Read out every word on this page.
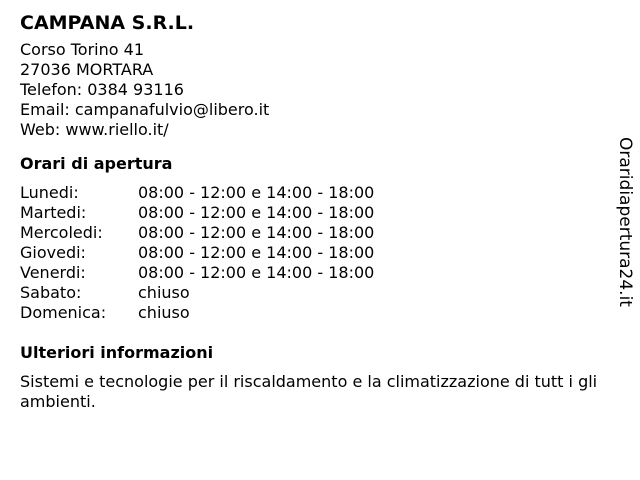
CAMPANA S.R.L.
Corso Torino 41
27036 MORTARA
Telefon: 0384 93116
Email: campanafulvio@libero.it
Web: www.riello.it/
Orari di apertura
Lunedi:	08:00 - 12:00 e 14:00 - 18:00
Martedi:	08:00 - 12:00 e 14:00 - 18:00
Mercoledi:	08:00 - 12:00 e 14:00 - 18:00
Giovedi:	08:00 - 12:00 e 14:00 - 18:00
Venerdi:	08:00 - 12:00 e 14:00 - 18:00
Sabato:	chiuso
Domenica:	chiuso
Ulteriori informazioni

Sistemi e tecnologie per il riscaldamento e la climatizzazione di tutt i gli ambienti.

Oraridiapertura24.it
